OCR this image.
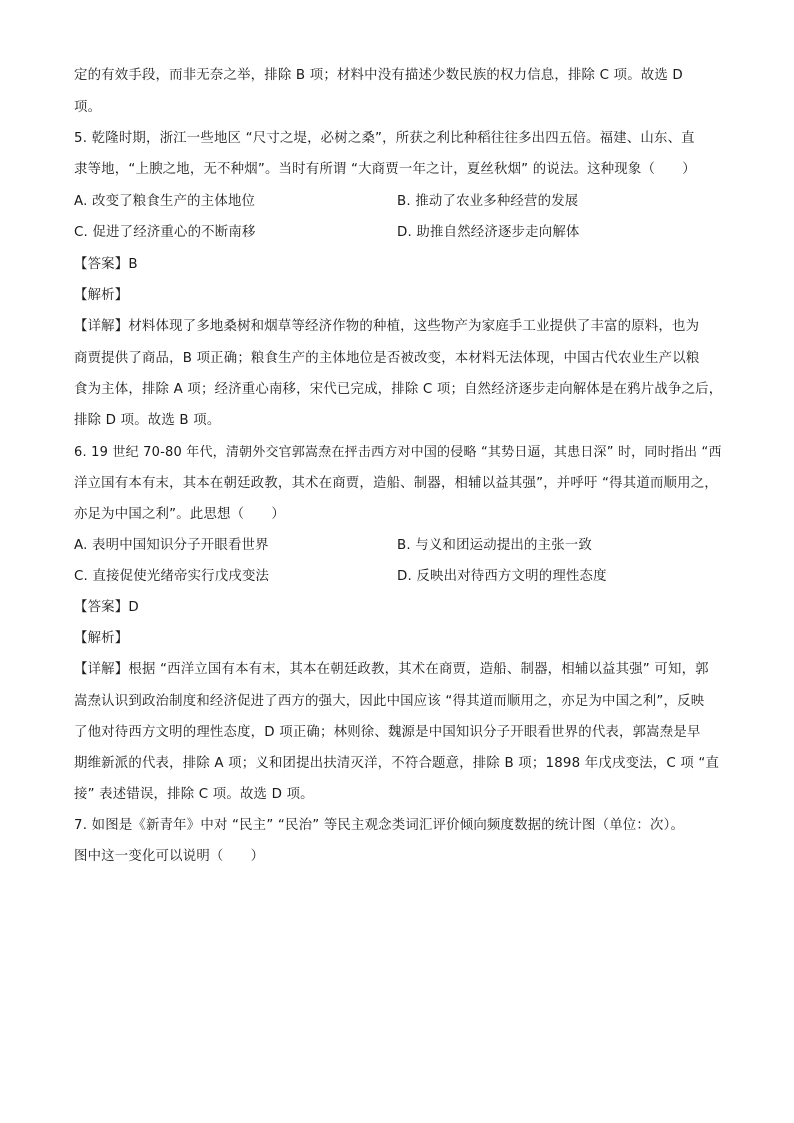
定的有效手段，而非无奈之举，排除 B 项；材料中没有描述少数民族的权力信息，排除 C 项。故选 D
项。
5. 乾隆时期，浙江一些地区 “尺寸之堤，必树之桑”，所获之利比种稻往往多出四五倍。福建、山东、直
隶等地，“上腴之地，无不种烟”。当时有所谓 “大商贾一年之计，夏丝秋烟” 的说法。这种现象（　　）
A. 改变了粮食生产的主体地位	B. 推动了农业多种经营的发展
C. 促进了经济重心的不断南移	D. 助推自然经济逐步走向解体
【答案】B
【解析】
【详解】材料体现了多地桑树和烟草等经济作物的种植，这些物产为家庭手工业提供了丰富的原料，也为
商贾提供了商品，B 项正确；粮食生产的主体地位是否被改变，本材料无法体现，中国古代农业生产以粮
食为主体，排除 A 项；经济重心南移，宋代已完成，排除 C 项；自然经济逐步走向解体是在鸦片战争之后，
排除 D 项。故选 B 项。
6. 19 世纪 70-80 年代，清朝外交官郭嵩焘在抨击西方对中国的侵略 “其势日逼，其患日深” 时，同时指出 “西
洋立国有本有末，其本在朝廷政教，其术在商贾，造船、制器，相辅以益其强”，并呼吁 “得其道而顺用之，
亦足为中国之利”。此思想（　　）
A. 表明中国知识分子开眼看世界	B. 与义和团运动提出的主张一致
C. 直接促使光绪帝实行戊戌变法	D. 反映出对待西方文明的理性态度
【答案】D
【解析】
【详解】根据 “西洋立国有本有末，其本在朝廷政教，其术在商贾，造船、制器，相辅以益其强” 可知，郭
嵩焘认识到政治制度和经济促进了西方的强大，因此中国应该 “得其道而顺用之，亦足为中国之利”，反映
了他对待西方文明的理性态度，D 项正确；林则徐、魏源是中国知识分子开眼看世界的代表，郭嵩焘是早
期维新派的代表，排除 A 项；义和团提出扶清灭洋，不符合题意，排除 B 项；1898 年戊戌变法，C 项 “直
接” 表述错误，排除 C 项。故选 D 项。
7. 如图是《新青年》中对 “民主” “民治” 等民主观念类词汇评价倾向频度数据的统计图（单位：次）。
图中这一变化可以说明（　　）
